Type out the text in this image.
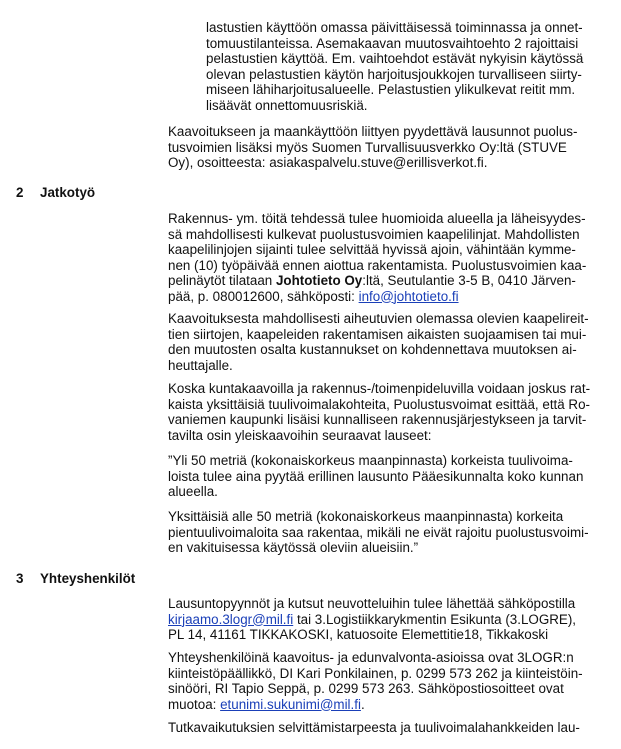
lastustien käyttöön omassa päivittäisessä toiminnassa ja onnet-
tomuustilanteissa. Asemakaavan muutosvaihtoehto 2 rajoittaisi
pelastustien käyttöä. Em. vaihtoehdot estävät nykyisin käytössä
olevan pelastustien käytön harjoitusjoukkojen turvalliseen siirty-
miseen lähiharjoitusalueelle. Pelastustien ylikulkevat reitit mm.
lisäävät onnettomuusriskiä.
Kaavoitukseen ja maankäyttöön liittyen pyydettävä lausunnot puolus-
tusvoimien lisäksi myös Suomen Turvallisuusverkko Oy:ltä (STUVE
Oy), osoitteesta: asiakaspalvelu.stuve@erillisverkot.fi.
2 Jatkotyö
Rakennus- ym. töitä tehdessä tulee huomioida alueella ja läheisyydes-
sä mahdollisesti kulkevat puolustusvoimien kaapelilinjat. Mahdollisten
kaapelilinjojen sijainti tulee selvittää hyvissä ajoin, vähintään kymme-
nen (10) työpäivää ennen aiottua rakentamista. Puolustusvoimien kaa-
pelinäytöt tilataan Johtotieto Oy:ltä, Seutulantie 3-5 B, 0410 Järven-
pää, p. 080012600, sähköposti: info@johtotieto.fi
Kaavoituksesta mahdollisesti aiheutuvien olemassa olevien kaapelireit-
tien siirtojen, kaapeleiden rakentamisen aikaisten suojaamisen tai mui-
den muutosten osalta kustannukset on kohdennettava muutoksen ai-
heuttajalle.
Koska kuntakaavoilla ja rakennus-/toimenpideluvilla voidaan joskus rat-
kaista yksittäisiä tuulivoimalakohteita, Puolustusvoimat esittää, että Ro-
vaniemen kaupunki lisäisi kunnalliseen rakennusjärjestykseen ja tarvit-
tavilta osin yleiskaavoihin seuraavat lauseet:
”Yli 50 metriä (kokonaiskorkeus maanpinnasta) korkeista tuulivoima-
loista tulee aina pyytää erillinen lausunto Pääesikunnalta koko kunnan
alueella.
Yksittäisiä alle 50 metriä (kokonaiskorkeus maanpinnasta) korkeita
pientuulivoimaloita saa rakentaa, mikäli ne eivät rajoitu puolustusvoimi-
en vakituisessa käytössä oleviin alueisiin.”
3 Yhteyshenkilöt
Lausuntopyynnöt ja kutsut neuvotteluihin tulee lähettää sähköpostilla
kirjaamo.3logr@mil.fi tai 3.Logistiikkarykmentin Esikunta (3.LOGRE),
PL 14, 41161 TIKKAKOSKI, katuosoite Elemettitie18, Tikkakoski
Yhteyshenkilöinä kaavoitus- ja edunvalvonta-asioissa ovat 3LOGR:n
kiinteistöpäällikkö, DI Kari Ponkilainen, p. 0299 573 262 ja kiinteistöin-
sinööri, RI Tapio Seppä, p. 0299 573 263. Sähköpostiosoitteet ovat
muotoa: etunimi.sukunimi@mil.fi.
Tutkavaikutuksien selvittämistarpeesta ja tuulivoimalahankkeiden lau-
